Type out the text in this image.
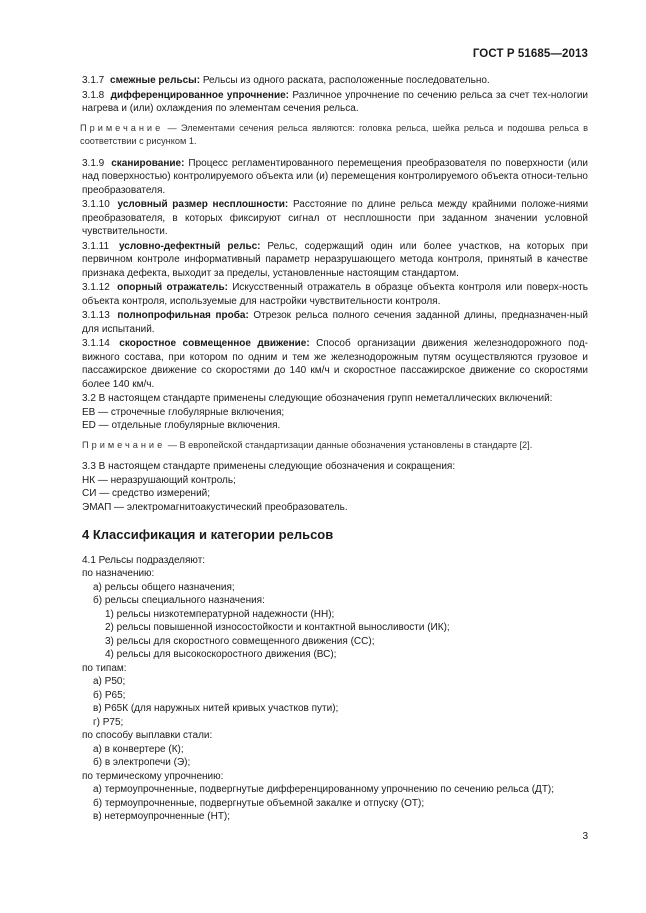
ГОСТ Р 51685—2013

3.1.7 смежные рельсы: Рельсы из одного раската, расположенные последовательно.

3.1.8 дифференцированное упрочнение: Различное упрочнение по сечению рельса за счет тех-нологии нагрева и (или) охлаждения по элементам сечения рельса.

Примечание — Элементами сечения рельса являются: головка рельса, шейка рельса и подошва рельса в соответствии с рисунком 1.

3.1.9 сканирование: Процесс регламентированного перемещения преобразователя по поверхности (или над поверхностью) контролируемого объекта или (и) перемещения контролируемого объекта относи-тельно преобразователя.

3.1.10 условный размер несплошности: Расстояние по длине рельса между крайними положе-ниями преобразователя, в которых фиксируют сигнал от несплошности при заданном значении условной чувствительности.

3.1.11 условно-дефектный рельс: Рельс, содержащий один или более участков, на которых при первичном контроле информативный параметр неразрушающего метода контроля, принятый в качестве признака дефекта, выходит за пределы, установленные настоящим стандартом.

3.1.12 опорный отражатель: Искусственный отражатель в образце объекта контроля или поверх-ность объекта контроля, используемые для настройки чувствительности контроля.

3.1.13 полнопрофильная проба: Отрезок рельса полного сечения заданной длины, предназначен-ный для испытаний.

3.1.14 скоростное совмещенное движение: Способ организации движения железнодорожного под-вижного состава, при котором по одним и тем же железнодорожным путям осуществляются грузовое и пассажирское движение со скоростями до 140 км/ч и скоростное пассажирское движение со скоростями более 140 км/ч.

3.2 В настоящем стандарте применены следующие обозначения групп неметаллических включений:

ЕВ — строчечные глобулярные включения;

ED — отдельные глобулярные включения.

Примечание — В европейской стандартизации данные обозначения установлены в стандарте [2].

3.3 В настоящем стандарте применены следующие обозначения и сокращения:

НК — неразрушающий контроль;

СИ — средство измерений;

ЭМАП — электромагнитоакустический преобразователь.

4 Классификация и категории рельсов

4.1 Рельсы подразделяют:

по назначению:

а) рельсы общего назначения;

б) рельсы специального назначения:

1) рельсы низкотемпературной надежности (НН);

2) рельсы повышенной износостойкости и контактной выносливости (ИК);

3) рельсы для скоростного совмещенного движения (СС);

4) рельсы для высокоскоростного движения (ВС);

по типам:

а) Р50;

б) Р65;

в) Р65К (для наружных нитей кривых участков пути);

г) Р75;

по способу выплавки стали:

а) в конвертере (К);

б) в электропечи (Э);

по термическому упрочнению:

а) термоупрочненные, подвергнутые дифференцированному упрочнению по сечению рельса (ДТ);

б) термоупрочненные, подвергнутые объемной закалке и отпуску (ОТ);

в) нетермоупрочненные (НТ);

3
